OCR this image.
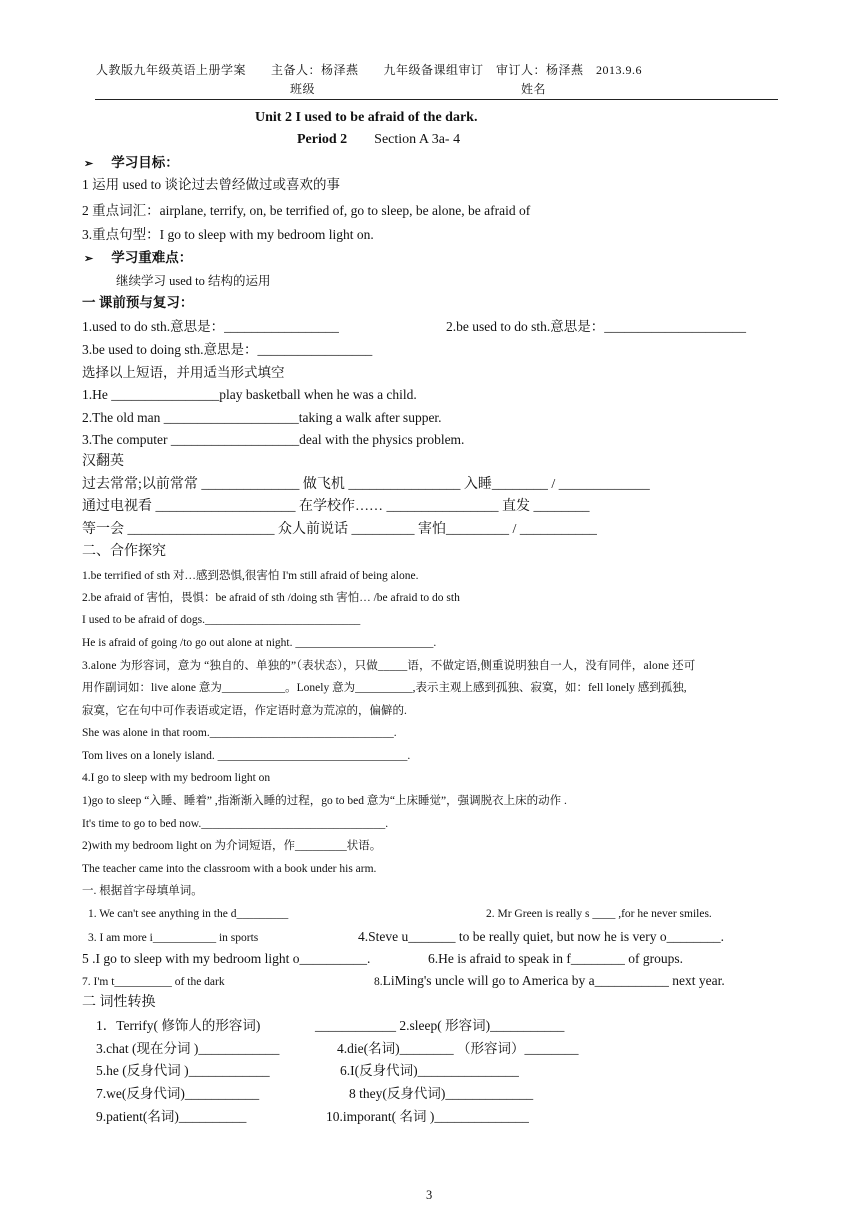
人教版九年级英语上册学案　　主备人：杨泽燕　　九年级备课组审订　审订人：杨泽燕　2013.9.6
班级	姓名
Unit 2 I used to be afraid of the dark.
Period 2 Section A 3a- 4
➢ 学习目标：
1 运用 used to 谈论过去曾经做过或喜欢的事
2 重点词汇：airplane, terrify, on, be terrified of, go to sleep, be alone, be afraid of
3.重点句型：I go to sleep with my bedroom light on.
➢ 学习重难点：
继续学习 used to 结构的运用
一 课前预与复习：
1.used to do sth.意思是：_________________	2.be used to do sth.意思是：_____________________
3.be used to doing sth.意思是：_________________
选择以上短语，并用适当形式填空
1.He ________________play basketball when he was a child.
2.The old man ____________________taking a walk after supper.
3.The computer ___________________deal with the physics problem.
汉翻英
过去常常;以前常常 ______________ 做飞机 ________________ 入睡________ / _____________
通过电视看 ____________________ 在学校作…… ________________ 直发 ________
等一会 _____________________ 众人前说话 _________ 害怕_________ / ___________
二、合作探究
1.be terrified of sth 对…感到恐惧,很害怕 I'm still afraid of being alone.
2.be afraid of 害怕，畏惧：be afraid of sth /doing sth 害怕… /be afraid to do sth
I used to be afraid of dogs.___________________________
He is afraid of going /to go out alone at night. ________________________.
3.alone 为形容词，意为 “独自的、单独的”（表状态），只做_____语，不做定语,侧重说明独自一人，没有同伴，alone 还可
用作副词如：live alone 意为___________。Lonely 意为__________,表示主观上感到孤独、寂寞，如：fell lonely 感到孤独,
寂寞，它在句中可作表语或定语，作定语时意为荒凉的，偏僻的.
She was alone in that room.________________________________.
Tom lives on a lonely island. _________________________________.
4.I go to sleep with my bedroom light on
1)go to sleep “入睡、睡着” ,指渐渐入睡的过程，go to bed 意为“上床睡觉”，强调脱衣上床的动作 .
It's time to go to bed now.________________________________.
2)with my bedroom light on 为介词短语，作_________状语。
The teacher came into the classroom with a book under his arm.
一. 根据首字母填单词。
1. We can't see anything in the d_________	2. Mr Green is really s ____ ,for he never smiles.
3. I am more i___________ in sports	4.Steve u_______ to be really quiet, but now he is very o________.
5 .I go to sleep with my bedroom light o__________.	6.He is afraid to speak in f________ of groups.
7. I'm t__________ of the dark	8.LiMing's uncle will go to America by a___________ next year.
二 词性转换
1．Terrify( 修饰人的形容词)	____________ 2.sleep( 形容词)___________
3.chat (现在分词 )____________	4.die(名词)________ （形容词）________
5.he (反身代词 )____________	6.I(反身代词)_______________
7.we(反身代词)___________	8 they(反身代词)_____________
9.patient(名词)__________	10.imporant( 名词 )______________
3
